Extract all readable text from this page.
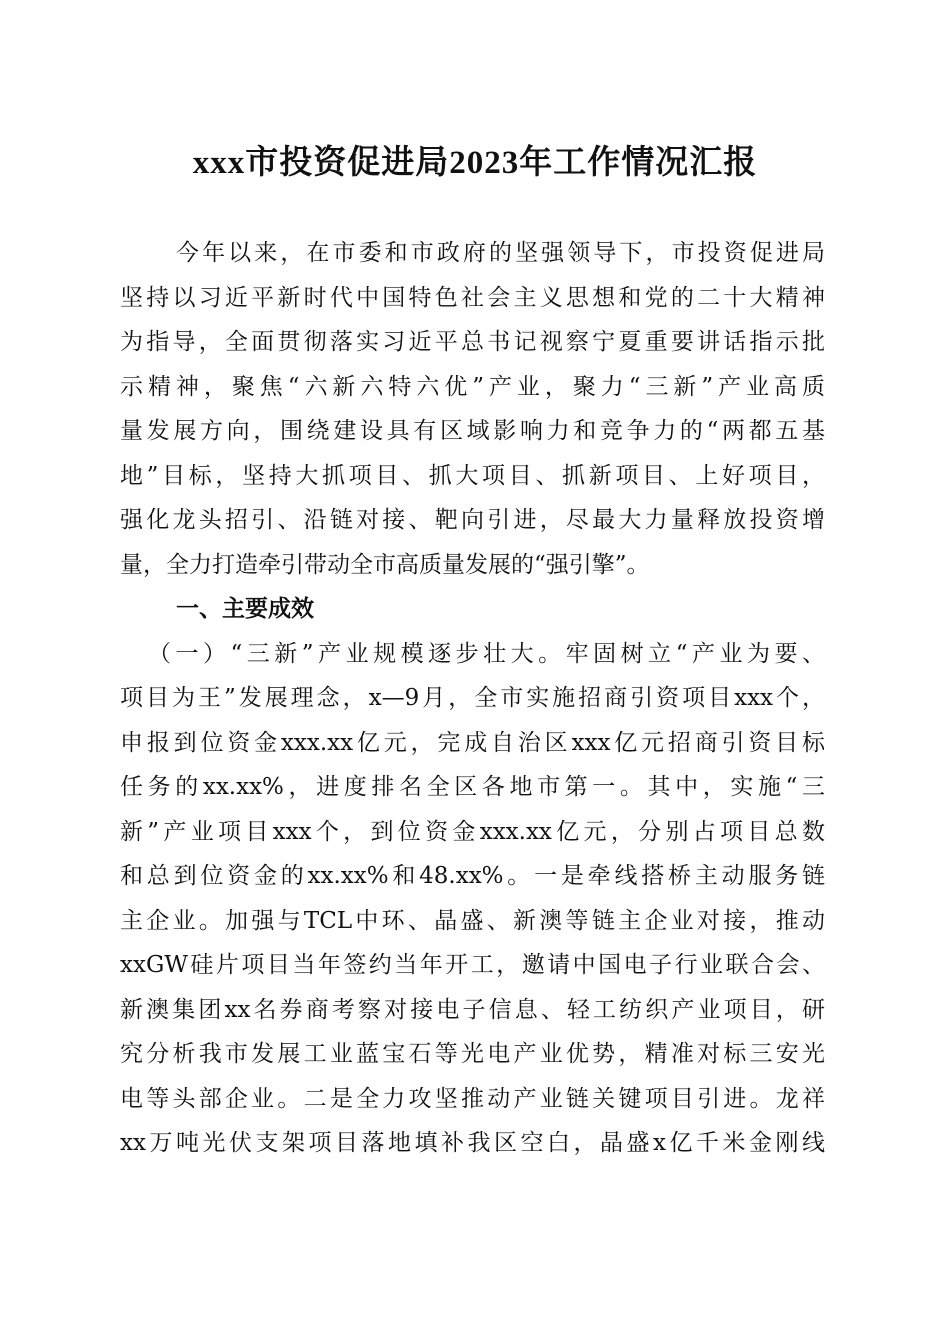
xxx市投资促进局2023年工作情况汇报
今年以来，在市委和市政府的坚强领导下，市投资促进局
坚持以习近平新时代中国特色社会主义思想和党的二十大精神
为指导，全面贯彻落实习近平总书记视察宁夏重要讲话指示批
示精神，聚焦“六新六特六优”产业，聚力“三新”产业高质
量发展方向，围绕建设具有区域影响力和竞争力的“两都五基
地”目标，坚持大抓项目、抓大项目、抓新项目、上好项目，
强化龙头招引、沿链对接、靶向引进，尽最大力量释放投资增
量，全力打造牵引带动全市高质量发展的“强引擎”。
一、主要成效
（一）“三新”产业规模逐步壮大。牢固树立“产业为要、
项目为王”发展理念，x—9月，全市实施招商引资项目xxx个，
申报到位资金xxx.xx亿元，完成自治区xxx亿元招商引资目标
任务的xx.xx%，进度排名全区各地市第一。其中，实施“三
新”产业项目xxx个，到位资金xxx.xx亿元，分别占项目总数
和总到位资金的xx.xx%和48.xx%。一是牵线搭桥主动服务链
主企业。加强与TCL中环、晶盛、新澳等链主企业对接，推动
xxGW硅片项目当年签约当年开工，邀请中国电子行业联合会、
新澳集团xx名券商考察对接电子信息、轻工纺织产业项目，研
究分析我市发展工业蓝宝石等光电产业优势，精准对标三安光
电等头部企业。二是全力攻坚推动产业链关键项目引进。龙祥
xx万吨光伏支架项目落地填补我区空白，晶盛x亿千米金刚线
